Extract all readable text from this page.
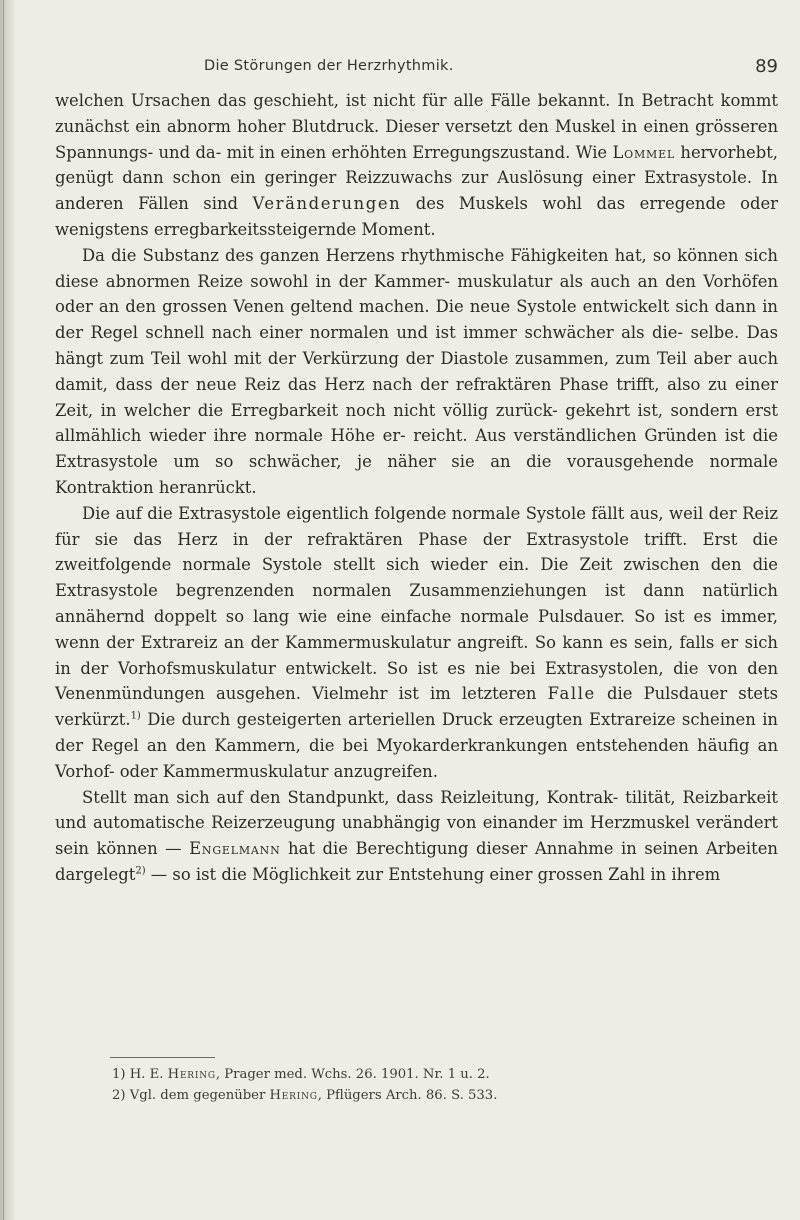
Die Störungen der Herzrhythmik.	89

welchen Ursachen das geschieht, ist nicht für alle Fälle bekannt. In Betracht kommt zunächst ein abnorm hoher Blutdruck. Dieser versetzt den Muskel in einen grösseren Spannungs- und da- mit in einen erhöhten Erregungszustand. Wie Lommel hervorhebt, genügt dann schon ein geringer Reizzuwachs zur Auslösung einer Extrasystole. In anderen Fällen sind Veränderungen des Muskels wohl das erregende oder wenigstens erregbarkeitssteigernde Moment.

Da die Substanz des ganzen Herzens rhythmische Fähigkeiten hat, so können sich diese abnormen Reize sowohl in der Kammer- muskulatur als auch an den Vorhöfen oder an den grossen Venen geltend machen. Die neue Systole entwickelt sich dann in der Regel schnell nach einer normalen und ist immer schwächer als die- selbe. Das hängt zum Teil wohl mit der Verkürzung der Diastole zusammen, zum Teil aber auch damit, dass der neue Reiz das Herz nach der refraktären Phase trifft, also zu einer Zeit, in welcher die Erregbarkeit noch nicht völlig zurück- gekehrt ist, sondern erst allmählich wieder ihre normale Höhe er- reicht. Aus verständlichen Gründen ist die Extrasystole um so schwächer, je näher sie an die vorausgehende normale Kontraktion heranrückt.

Die auf die Extrasystole eigentlich folgende normale Systole fällt aus, weil der Reiz für sie das Herz in der refraktären Phase der Extrasystole trifft. Erst die zweitfolgende normale Systole stellt sich wieder ein. Die Zeit zwischen den die Extrasystole begrenzenden normalen Zusammenziehungen ist dann natürlich annähernd doppelt so lang wie eine einfache normale Pulsdauer. So ist es immer, wenn der Extrareiz an der Kammermuskulatur angreift. So kann es sein, falls er sich in der Vorhofsmuskulatur entwickelt. So ist es nie bei Extrasystolen, die von den Venenmündungen ausgehen. Vielmehr ist im letzteren Falle die Pulsdauer stets verkürzt.$^{1)}$ Die durch gesteigerten arteriellen Druck erzeugten Extrareize scheinen in der Regel an den Kammern, die bei Myokarderkrankungen entstehenden häufig an Vorhof- oder Kammermuskulatur anzugreifen.

Stellt man sich auf den Standpunkt, dass Reizleitung, Kontrak- tilität, Reizbarkeit und automatische Reizerzeugung unabhängig von einander im Herzmuskel verändert sein können — Engelmann hat die Berechtigung dieser Annahme in seinen Arbeiten dargelegt$^{2)}$ — so ist die Möglichkeit zur Entstehung einer grossen Zahl in ihrem

1) H. E. Hering, Prager med. Wchs. 26. 1901. Nr. 1 u. 2.
2) Vgl. dem gegenüber Hering, Pflügers Arch. 86. S. 533.
